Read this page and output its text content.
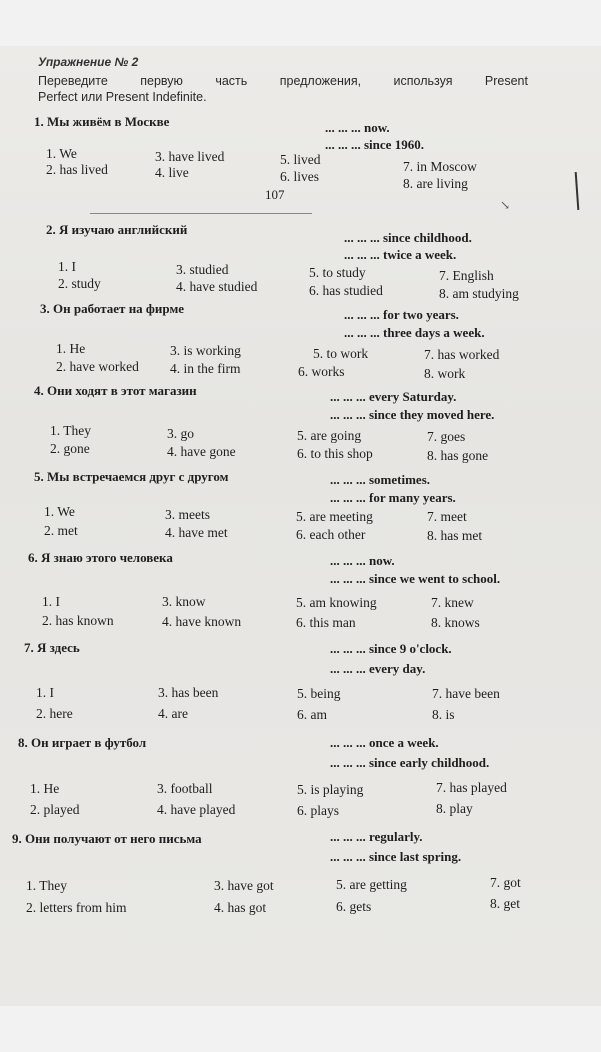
Упражнение № 2
Переведите первую часть предложения, используя Present
Perfect или Present Indefinite.
1. Мы живём в Москве	... ... ... now.
... ... ... since 1960.
1. We
2. has lived
3. have lived
4. live
5. lived
6. lives
7. in Moscow
8. are living
↘
107
2. Я изучаю английский
... ... ... since childhood.
... ... ... twice a week.
1. I
2. study
3. studied
4. have studied
5. to study
6. has studied
7. English
8. am studying
3. Он работает на фирме	... ... ... for two years.
... ... ... three days a week.
1. He
2. have worked
3. is working
4. in the firm
5. to work
6. works
7. has worked
8. work
4. Они ходят в этот магазин	... ... ... every Saturday.
... ... ... since they moved here.
1. They
2. gone
3. go
4. have gone
5. are going
6. to this shop
7. goes
8. has gone
5. Мы встречаемся друг с другом	... ... ... sometimes.
... ... ... for many years.
1. We
2. met
3. meets
4. have met
5. are meeting
6. each other
7. meet
8. has met
6. Я знаю этого человека	... ... ... now.
... ... ... since we went to school.
1. I
2. has known
3. know
4. have known
5. am knowing
6. this man
7. knew
8. knows
7. Я здесь	... ... ... since 9 o'clock.
... ... ... every day.
1. I
2. here
3. has been
4. are
5. being
6. am
7. have been
8. is
8. Он играет в футбол	... ... ... once a week.
... ... ... since early childhood.
1. He
2. played
3. football
4. have played
5. is playing
6. plays
7. has played
8. play
9. Они получают от него письма	... ... ... regularly.
... ... ... since last spring.
1. They
2. letters from him
3. have got
4. has got
5. are getting
6. gets
7. got
8. get
